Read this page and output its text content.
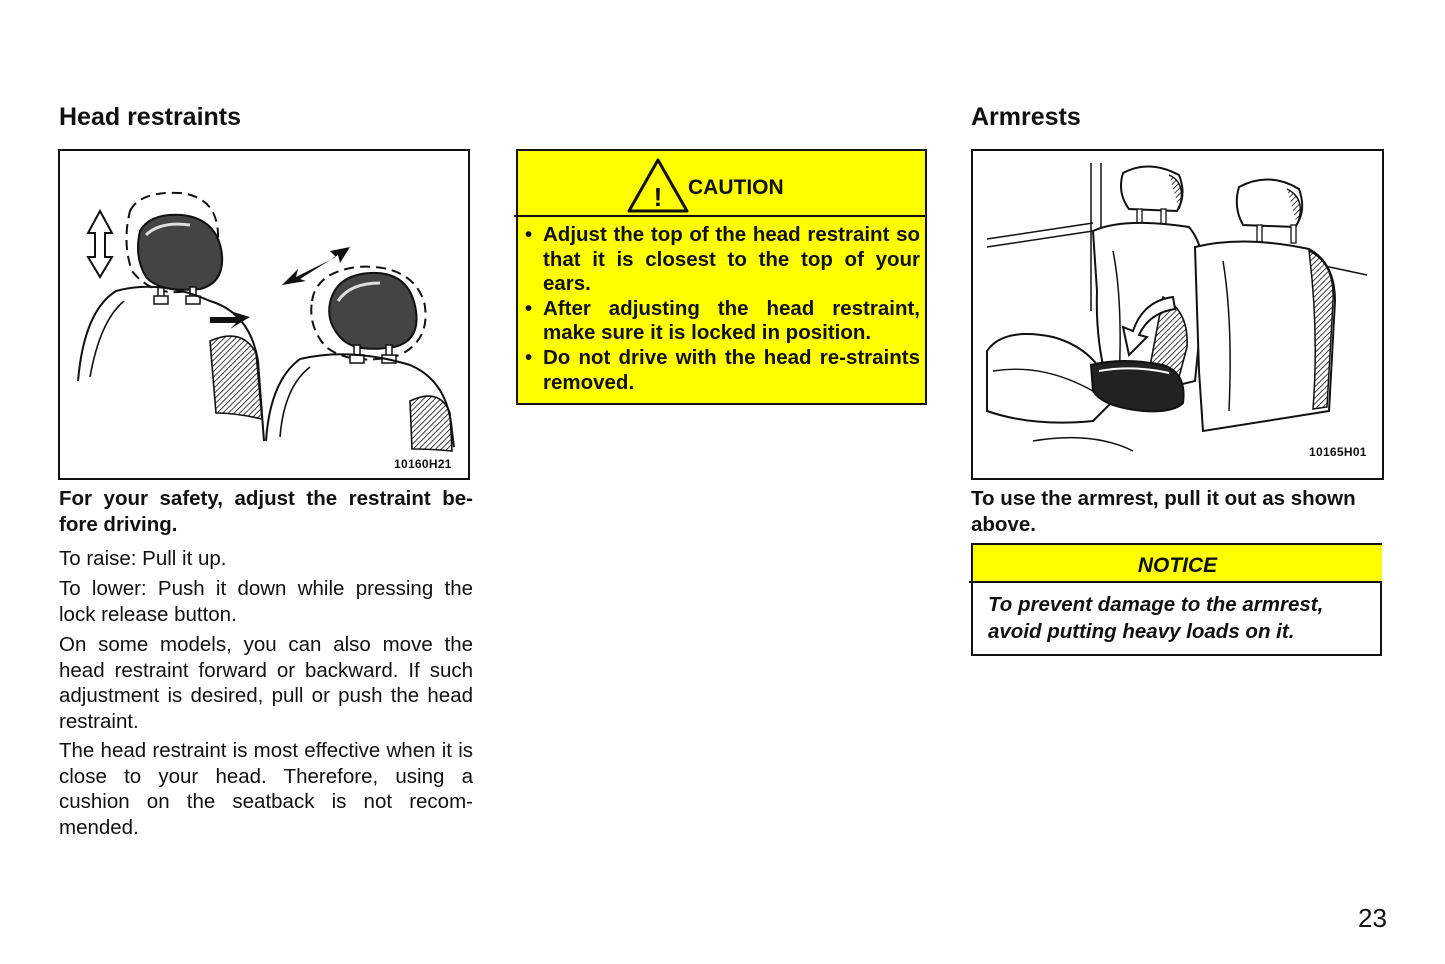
Head restraints
10160H21

For your safety, adjust the restraint be-fore driving.

To raise: Pull it up.

To lower: Push it down while pressing the lock release button.

On some models, you can also move the head restraint forward or backward. If such adjustment is desired, pull or push the head restraint.

The head restraint is most effective when it is close to your head. Therefore, using a cushion on the seatback is not recom-mended.

! CAUTION
• Adjust the top of the head restraint so that it is closest to the top of your ears.
• After adjusting the head restraint, make sure it is locked in position.
• Do not drive with the head re-straints removed.
Armrests
10165H01

To use the armrest, pull it out as shown above.

NOTICE

To prevent damage to the armrest, avoid putting heavy loads on it.

23
